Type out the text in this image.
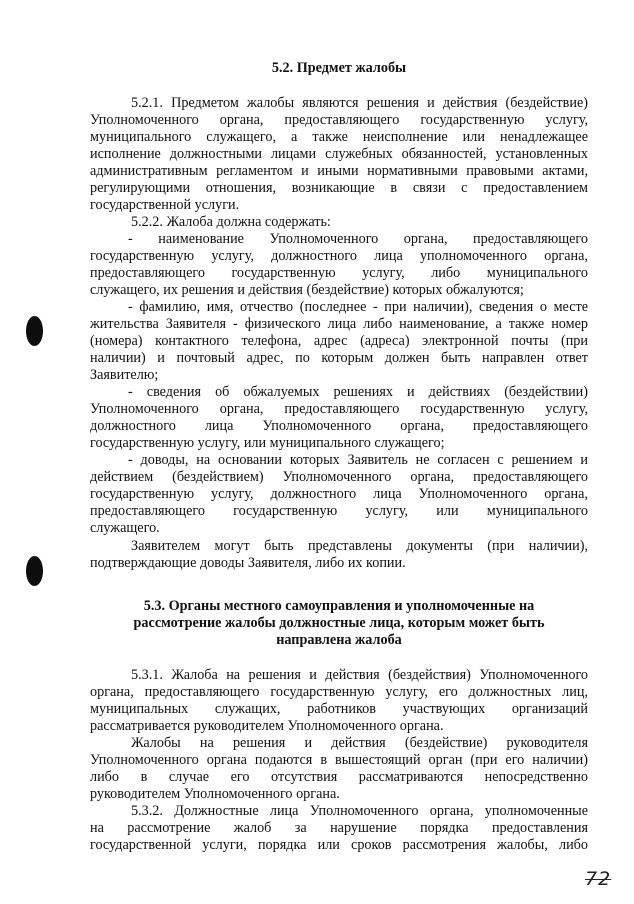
5.2. Предмет жалобы
5.2.1. Предметом жалобы являются решения и действия (бездействие)
Уполномоченного органа, предоставляющего государственную услугу,
муниципального служащего, а также неисполнение или ненадлежащее
исполнение должностными лицами служебных обязанностей, установленных
административным регламентом и иными нормативными правовыми актами,
регулирующими отношения, возникающие в связи с предоставлением
государственной услуги.
5.2.2. Жалоба должна содержать:
- наименование Уполномоченного органа, предоставляющего
государственную услугу, должностного лица уполномоченного органа,
предоставляющего государственную услугу, либо муниципального
служащего, их решения и действия (бездействие) которых обжалуются;
- фамилию, имя, отчество (последнее - при наличии), сведения о месте
жительства Заявителя - физического лица либо наименование, а также номер
(номера) контактного телефона, адрес (адреса) электронной почты (при
наличии) и почтовый адрес, по которым должен быть направлен ответ
Заявителю;
- сведения об обжалуемых решениях и действиях (бездействии)
Уполномоченного органа, предоставляющего государственную услугу,
должностного лица Уполномоченного органа, предоставляющего
государственную услугу, или муниципального служащего;
- доводы, на основании которых Заявитель не согласен с решением и
действием (бездействием) Уполномоченного органа, предоставляющего
государственную услугу, должностного лица Уполномоченного органа,
предоставляющего государственную услугу, или муниципального
служащего.
Заявителем могут быть представлены документы (при наличии),
подтверждающие доводы Заявителя, либо их копии.
5.3. Органы местного самоуправления и уполномоченные на
рассмотрение жалобы должностные лица, которым может быть
направлена жалоба
5.3.1. Жалоба на решения и действия (бездействия) Уполномоченного
органа, предоставляющего государственную услугу, его должностных лиц,
муниципальных служащих, работников участвующих организаций
рассматривается руководителем Уполномоченного органа.
Жалобы на решения и действия (бездействие) руководителя
Уполномоченного органа подаются в вышестоящий орган (при его наличии)
либо в случае его отсутствия рассматриваются непосредственно
руководителем Уполномоченного органа.
5.3.2. Должностные лица Уполномоченного органа, уполномоченные
на рассмотрение жалоб за нарушение порядка предоставления
государственной услуги, порядка или сроков рассмотрения жалобы, либо
72
